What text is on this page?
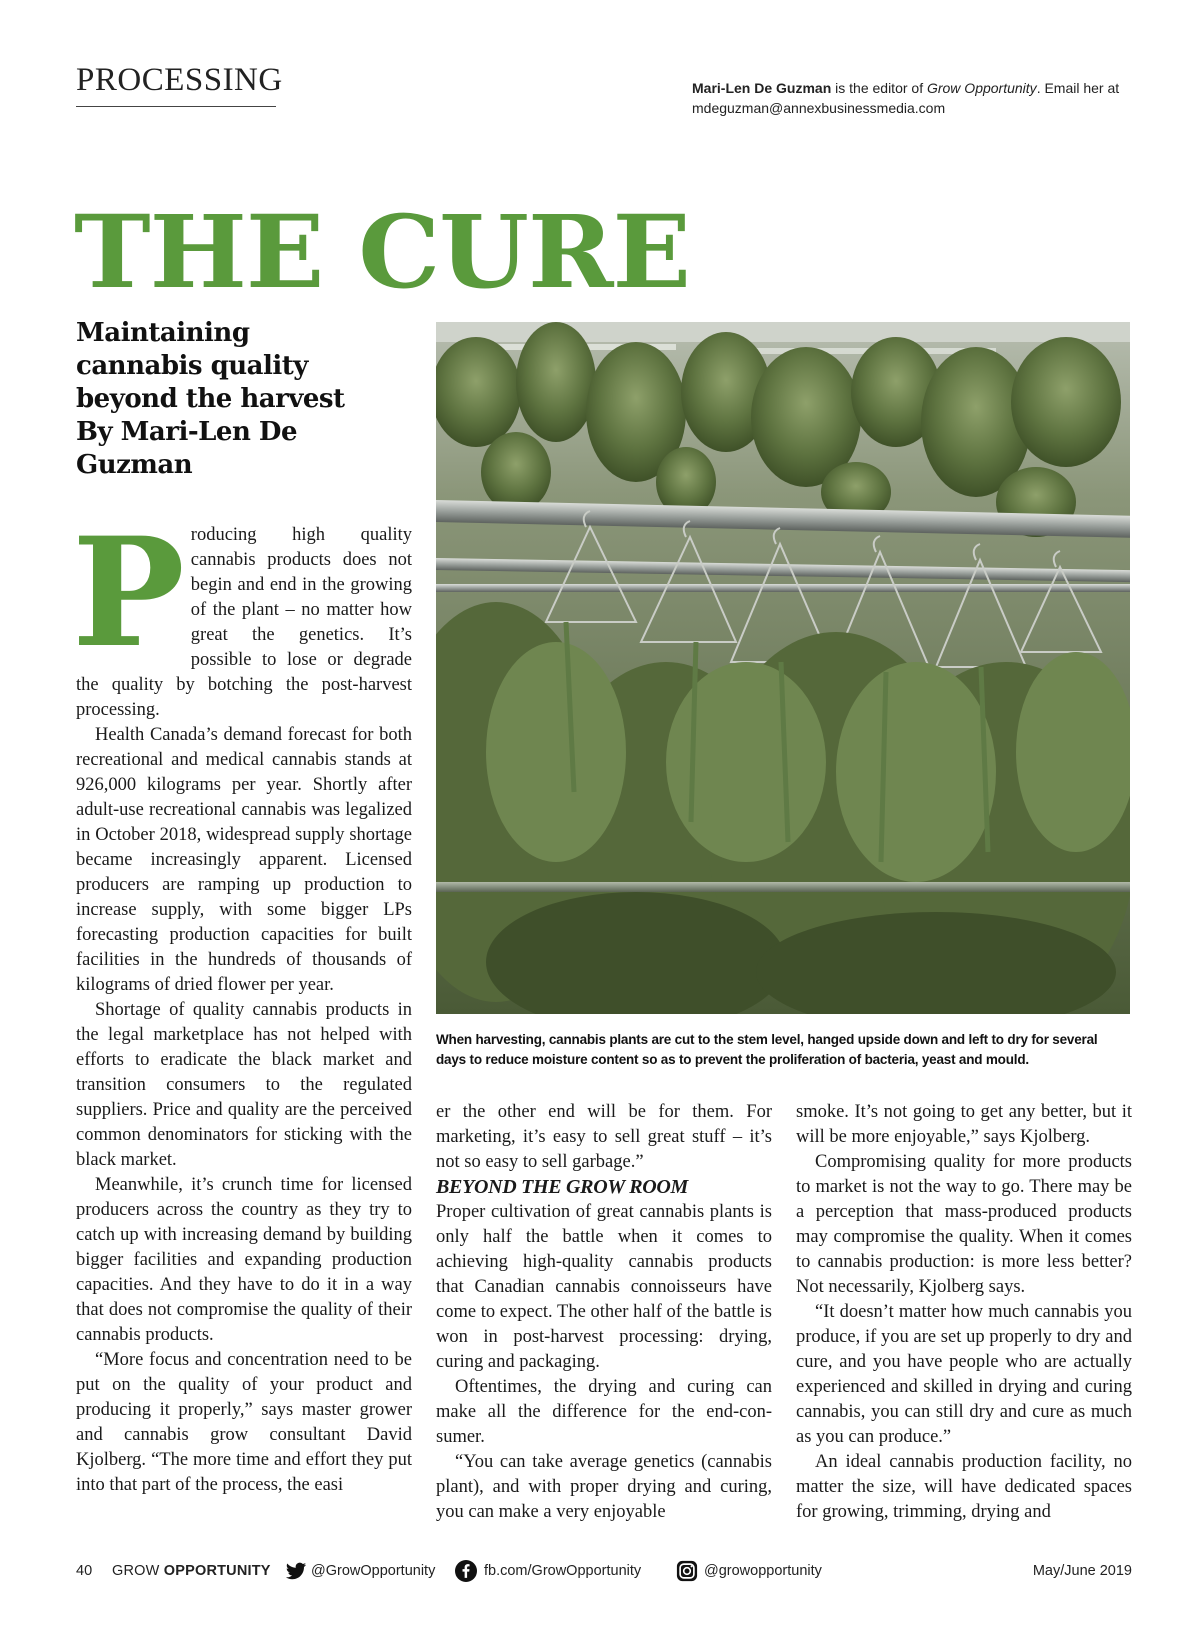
PROCESSING	Mari-Len De Guzman is the editor of Grow Opportunity. Email her at
mdeguzman@annexbusinessmedia.com
THE CURE
Maintaining
cannabis quality
beyond the harvest
By Mari-Len De Guzman
When harvesting, cannabis plants are cut to the stem level, hanged upside down and left to dry for several days to reduce moisture content so as to prevent the proliferation of bacteria, yeast and mould.

Producing high quality cannabis products does not begin and end in the growing of the plant – no matter how great the genetics. It’s possible to lose or degrade the quality by botching the post-harvest processing.

Health Canada’s demand forecast for both recreational and medical cannabis stands at 926,000 kilograms per year. Shortly after adult-use recreational cannabis was legalized in October 2018, widespread supply shortage became increasingly apparent. Licensed producers are ramping up production to increase supply, with some bigger LPs forecasting production capacities for built facilities in the hundreds of thousands of kilograms of dried flower per year.

Shortage of quality cannabis products in the legal marketplace has not helped with efforts to eradicate the black market and transition consumers to the regulated suppliers. Price and quality are the perceived common denominators for sticking with the black market.

Meanwhile, it’s crunch time for licensed producers across the country as they try to catch up with increasing demand by building bigger facilities and expanding production capacities. And they have to do it in a way that does not compromise the quality of their cannabis products.

“More focus and concentration need to be put on the quality of your product and producing it properly,” says master grower and cannabis grow consultant David Kjolberg. “The more time and effort they put into that part of the process, the easi

er the other end will be for them. For marketing, it’s easy to sell great stuff – it’s not so easy to sell garbage.”

BEYOND THE GROW ROOM

Proper cultivation of great cannabis plants is only half the battle when it comes to achieving high-quality cannabis products that Canadian cannabis connoisseurs have come to expect. The other half of the battle is won in post-harvest processing: drying, curing and packaging.

Oftentimes, the drying and curing can make all the difference for the end-consumer.

“You can take average genetics (cannabis plant), and with proper drying and curing, you can make a very enjoyable

smoke. It’s not going to get any better, but it will be more enjoyable,” says Kjolberg.

Compromising quality for more products to market is not the way to go. There may be a perception that mass-produced products may compromise the quality. When it comes to cannabis production: is more less better? Not necessarily, Kjolberg says.

“It doesn’t matter how much cannabis you produce, if you are set up properly to dry and cure, and you have people who are actually experienced and skilled in drying and curing cannabis, you can still dry and cure as much as you can produce.”

An ideal cannabis production facility, no matter the size, will have dedicated spaces for growing, trimming, drying and

40 GROW OPPORTUNITY	@GrowOpportunity	fb.com/GrowOpportunity	@growopportunity	May/June 2019
